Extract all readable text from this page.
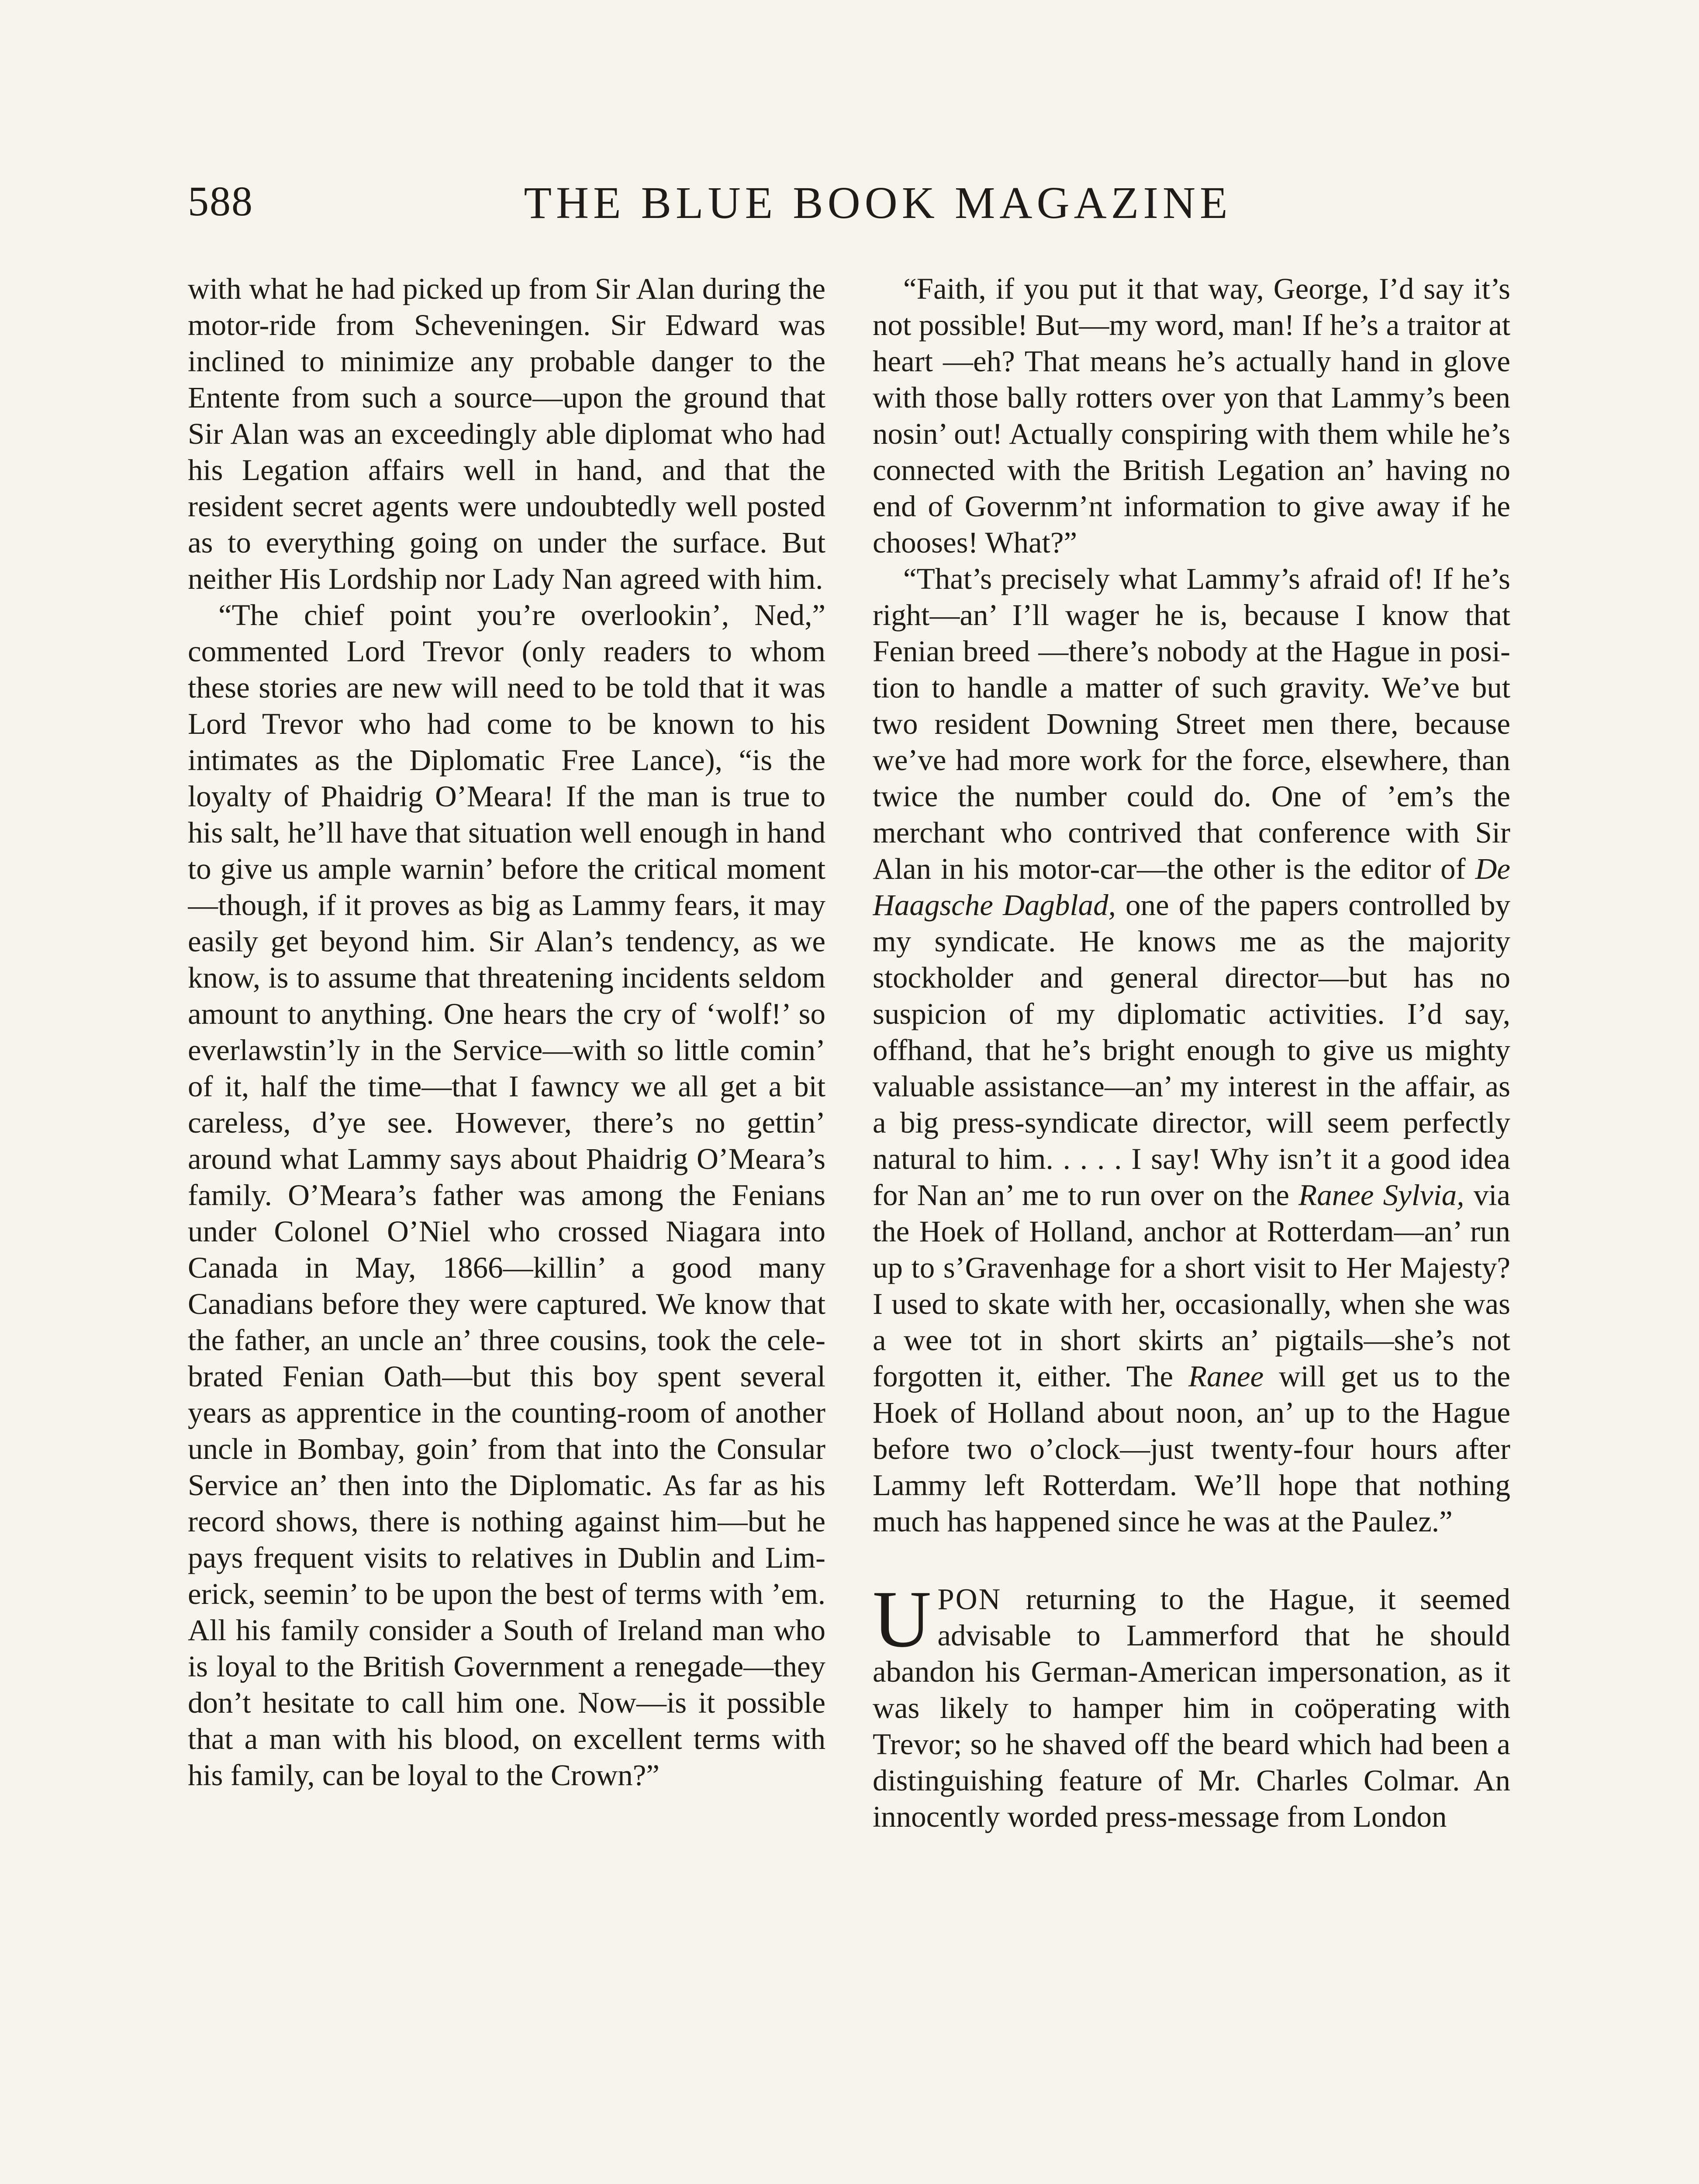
588	THE BLUE BOOK MAGAZINE

with what he had picked up from Sir Alan during the motor-ride from Scheveningen. Sir Edward was inclined to minimize any probable danger to the Entente from such a source—upon the ground that Sir Alan was an exceedingly able diplomat who had his Legation affairs well in hand, and that the resident secret agents were undoubtedly well posted as to everything going on under the surface. But neither His Lordship nor Lady Nan agreed with him.

“The chief point you’re overlookin’, Ned,” commented Lord Trevor (only readers to whom these stories are new will need to be told that it was Lord Trevor who had come to be known to his intimates as the Diplomatic Free Lance), “is the loyalty of Phaidrig O’Meara! If the man is true to his salt, he’ll have that situation well enough in hand to give us ample warnin’ before the critical moment—though, if it proves as big as Lammy fears, it may easily get beyond him. Sir Alan’s tendency, as we know, is to assume that threatening incidents seldom amount to anything. One hears the cry of ‘wolf!’ so everlawstin’ly in the Service—with so little comin’ of it, half the time—that I fawncy we all get a bit careless, d’ye see. However, there’s no gettin’ around what Lammy says about Phaidrig O’Meara’s family. O’Meara’s father was among the Fenians under Colonel O’Niel who crossed Niagara into Canada in May, 1866—killin’ a good many Canadians before they were captured. We know that the father, an uncle an’ three cousins, took the celebrated Fenian Oath—but this boy spent several years as apprentice in the counting-room of another uncle in Bombay, goin’ from that into the Consular Service an’ then into the Diplomatic. As far as his record shows, there is nothing against him—but he pays frequent visits to relatives in Dublin and Limerick, seemin’ to be upon the best of terms with ’em. All his family consider a South of Ireland man who is loyal to the British Government a renegade—they don’t hesitate to call him one. Now—is it possible that a man with his blood, on excellent terms with his family, can be loyal to the Crown?”

“Faith, if you put it that way, George, I’d say it’s not possible! But—my word, man! If he’s a traitor at heart —eh? That means he’s actually hand in glove with those bally rotters over yon that Lammy’s been nosin’ out! Actually conspiring with them while he’s connected with the British Legation an’ having no end of Governm’nt information to give away if he chooses! What?”

“That’s precisely what Lammy’s afraid of! If he’s right—an’ I’ll wager he is, because I know that Fenian breed —there’s nobody at the Hague in position to handle a matter of such gravity. We’ve but two resident Downing Street men there, because we’ve had more work for the force, elsewhere, than twice the number could do. One of ’em’s the merchant who contrived that conference with Sir Alan in his motor-car—the other is the editor of De Haagsche Dagblad, one of the papers controlled by my syndicate. He knows me as the majority stockholder and general director—but has no suspicion of my diplomatic activities. I’d say, offhand, that he’s bright enough to give us mighty valuable assistance—an’ my interest in the affair, as a big press-syndicate director, will seem perfectly natural to him. . . . . I say! Why isn’t it a good idea for Nan an’ me to run over on the Ranee Sylvia, via the Hoek of Holland, anchor at Rotterdam—an’ run up to s’Gravenhage for a short visit to Her Majesty? I used to skate with her, occasionally, when she was a wee tot in short skirts an’ pigtails—she’s not forgotten it, either. The Ranee will get us to the Hoek of Holland about noon, an’ up to the Hague before two o’clock—just twenty-four hours after Lammy left Rotterdam. We’ll hope that nothing much has happened since he was at the Paulez.”

UPON returning to the Hague, it seemed advisable to Lammerford that he should abandon his German-American impersonation, as it was likely to hamper him in coöperating with Trevor; so he shaved off the beard which had been a distinguishing feature of Mr. Charles Colmar. An innocently worded press-message from London
